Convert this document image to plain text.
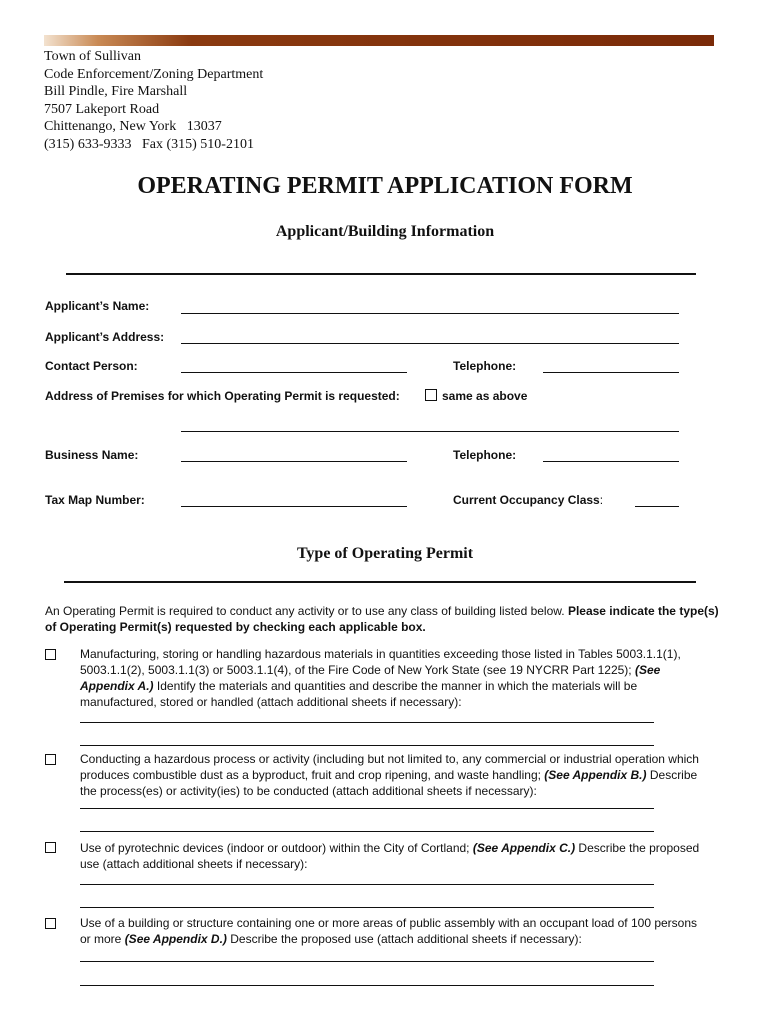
Town of Sullivan
Code Enforcement/Zoning Department
Bill Pindle, Fire Marshall
7507 Lakeport Road
Chittenango, New York   13037
(315) 633-9333   Fax (315) 510-2101
OPERATING PERMIT APPLICATION FORM
Applicant/Building Information
Applicant’s Name:
Applicant’s Address:
Contact Person:	Telephone:
Address of Premises for which Operating Permit is requested:	same as above
Business Name:	Telephone:
Tax Map Number:	Current Occupancy Class:
Type of Operating Permit
An Operating Permit is required to conduct any activity or to use any class of building listed below. Please indicate the type(s) of Operating Permit(s) requested by checking each applicable box.
Manufacturing, storing or handling hazardous materials in quantities exceeding those listed in Tables 5003.1.1(1), 5003.1.1(2), 5003.1.1(3) or 5003.1.1(4), of the Fire Code of New York State (see 19 NYCRR Part 1225); (See Appendix A.) Identify the materials and quantities and describe the manner in which the materials will be manufactured, stored or handled (attach additional sheets if necessary):
Conducting a hazardous process or activity (including but not limited to, any commercial or industrial operation which produces combustible dust as a byproduct, fruit and crop ripening, and waste handling; (See Appendix B.) Describe the process(es) or activity(ies) to be conducted (attach additional sheets if necessary):
Use of pyrotechnic devices (indoor or outdoor) within the City of Cortland; (See Appendix C.) Describe the proposed use (attach additional sheets if necessary):
Use of a building or structure containing one or more areas of public assembly with an occupant load of 100 persons or more (See Appendix D.) Describe the proposed use (attach additional sheets if necessary):
